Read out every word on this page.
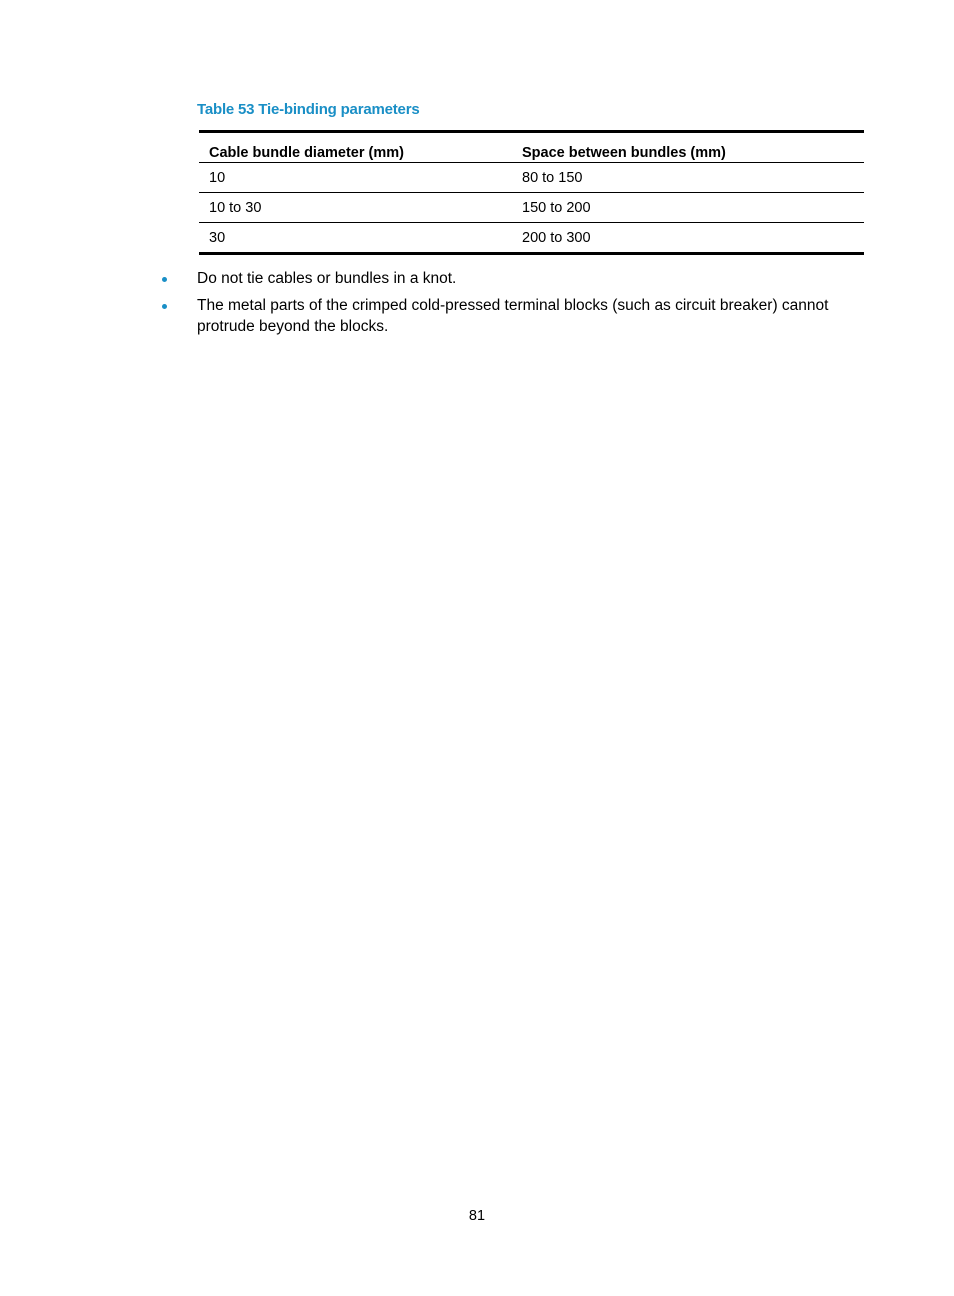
Table 53 Tie-binding parameters
Cable bundle diameter (mm)	Space between bundles (mm)
10	80 to 150
10 to 30	150 to 200
30	200 to 300
Do not tie cables or bundles in a knot.
The metal parts of the crimped cold-pressed terminal blocks (such as circuit breaker) cannot protrude beyond the blocks.
81
